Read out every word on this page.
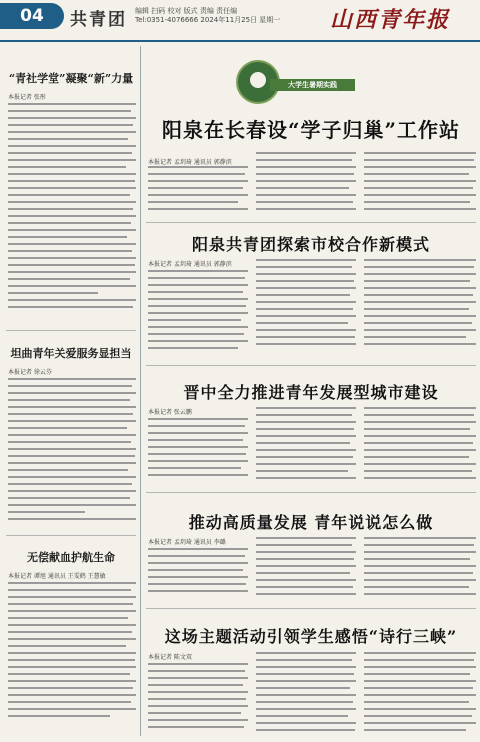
04	共青团 编辑 扫码 校对 版式 责编 责任编
Tel:0351-4076666 2024年11月25日 星期一 山西青年报
“青社学堂”凝聚“新”力量
本报记者 张彤
坦曲青年关爱服务显担当
本报记者 徐云芬
无偿献血护航生命
本报记者 谭旭 通讯员 王雯鹤 王慧敏
大学生暑期实践
阳泉在长春设“学子归巢”工作站
本报记者 孟玥琦 通讯员 郭静滨
阳泉共青团探索市校合作新模式
本报记者 孟玥琦 通讯员 郭静滨
晋中全力推进青年发展型城市建设
本报记者 张云鹏
推动高质量发展 青年说说怎么做
本报记者 孟玥琦 通讯员 李璐
这场主题活动引领学生感悟“诗行三峡”
本报记者 陈文双
